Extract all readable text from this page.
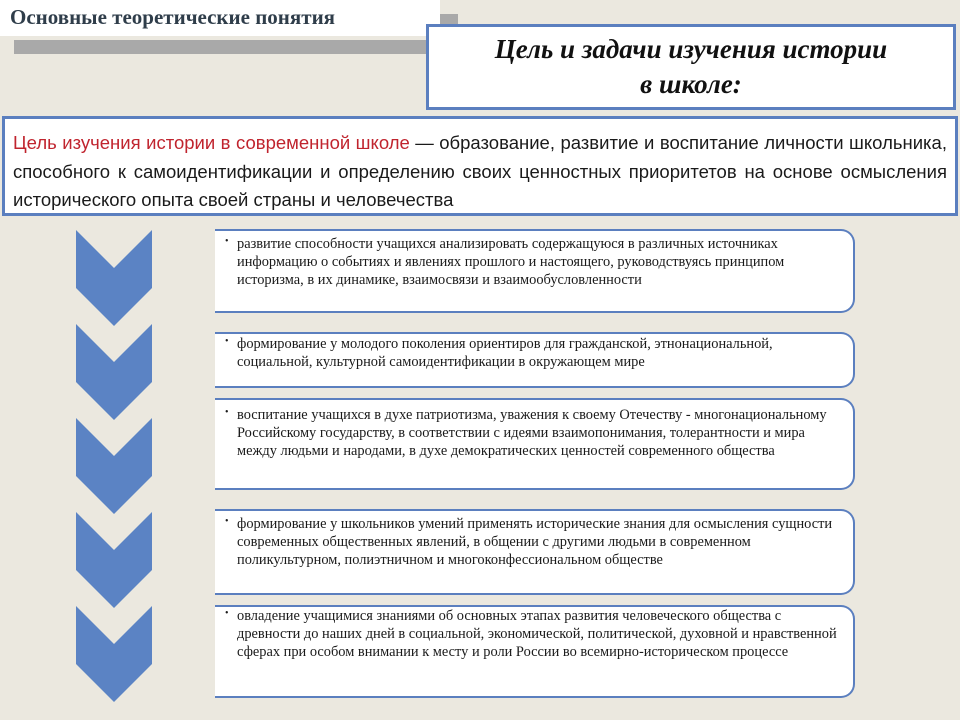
Основные теоретические понятия
Цель и задачи изучения истории
в школе:
Цель изучения истории в современной школе — образование, развитие и воспитание личности школьника, способного к самоидентификации и определению своих ценностных приоритетов на основе осмысления исторического опыта своей страны и человечества
• развитие способности учащихся анализировать содержащуюся в различных источниках информацию о событиях и явлениях прошлого и настоящего, руководствуясь принципом историзма, в их динамике, взаимосвязи и взаимообусловленности
• формирование у молодого поколения ориентиров для гражданской, этнонациональной, социальной, культурной самоидентификации в окружающем мире
• воспитание учащихся в духе патриотизма, уважения к своему Отечеству - многонациональному Российскому государству, в соответствии с идеями взаимопонимания, толерантности и мира между людьми и народами, в духе демократических ценностей современного общества
• формирование у школьников умений применять исторические знания для осмысления сущности современных общественных явлений, в общении с другими людьми в современном поликультурном, полиэтничном и многоконфессиональном обществе
• овладение учащимися знаниями об основных этапах развития человеческого общества с древности до наших дней в социальной, экономической, политической, духовной и нравственной сферах при особом внимании к месту и роли России во всемирно-историческом процессе
